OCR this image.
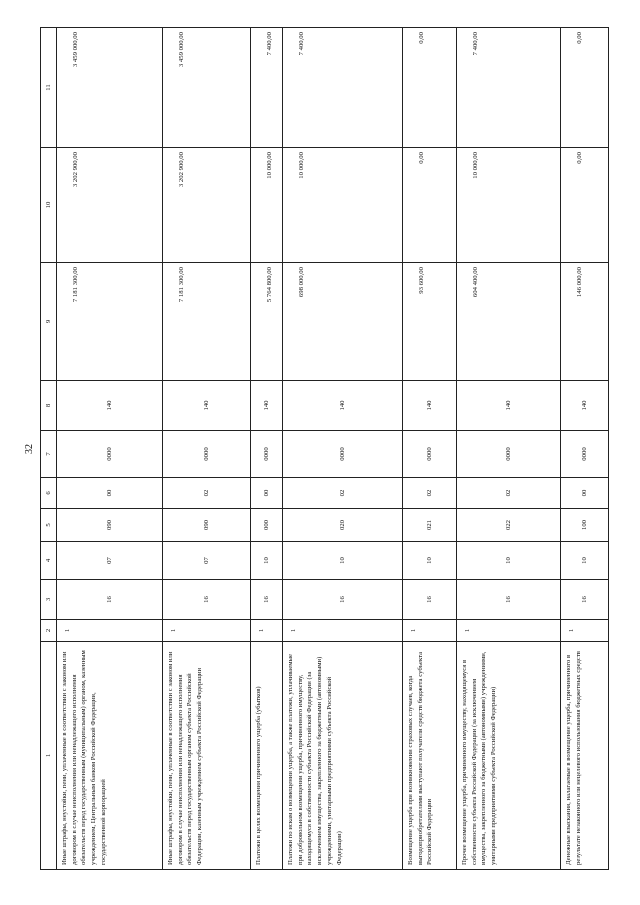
32
1	2	3	4	5	6	7	8	9	10	11
Иные штрафы, неустойки, пени, уплаченные в соответствии с законом или договором в случае неисполнения или ненадлежащего исполнения обязательств перед государственным (муниципальным) органом, казенным учреждением, Центральным банком Российской Федерации, государственной корпорацией	1	16	07	090	00	0000	140	7 181 300,00	3 202 900,00	3 459 000,00
Иные штрафы, неустойки, пени, уплаченные в соответствии с законом или договором в случае неисполнения или ненадлежащего исполнения обязательств перед государственным органом субъекта Российской Федерации, казенным учреждением субъекта Российской Федерации	1	16	07	090	02	0000	140	7 181 300,00	3 202 900,00	3 459 000,00
Платежи в целях возмещения причиненного ущерба (убытков)	1	16	10	000	00	0000	140	5 764 800,00	10 000,00	7 400,00
Платежи по искам о возмещении ущерба, а также платежи, уплачиваемые при добровольном возмещении ущерба, причиненного имуществу, находящемуся в собственности субъекта Российской Федерации (за исключением имущества, закрепленного за бюджетными (автономными) учреждениями, унитарными предприятиями субъекта Российской Федерации)	1	16	10	020	02	0000	140	698 000,00	10 000,00	7 400,00
Возмещение ущерба при возникновении страховых случаев, когда выгодоприобретателями выступают получатели средств бюджета субъекта Российской Федерации	1	16	10	021	02	0000	140	93 600,00	0,00	0,00
Прочее возмещение ущерба, причиненного имуществу, находящемуся в собственности субъекта Российской Федерации (за исключением имущества, закрепленного за бюджетными (автономными) учреждениями, унитарными предприятиями субъекта Российской Федерации)	1	16	10	022	02	0000	140	604 400,00	10 000,00	7 400,00
Денежные взыскания, налагаемые в возмещение ущерба, причиненного в результате незаконного или нецелевого использования бюджетных средств	1	16	10	100	00	0000	140	146 000,00	0,00	0,00
